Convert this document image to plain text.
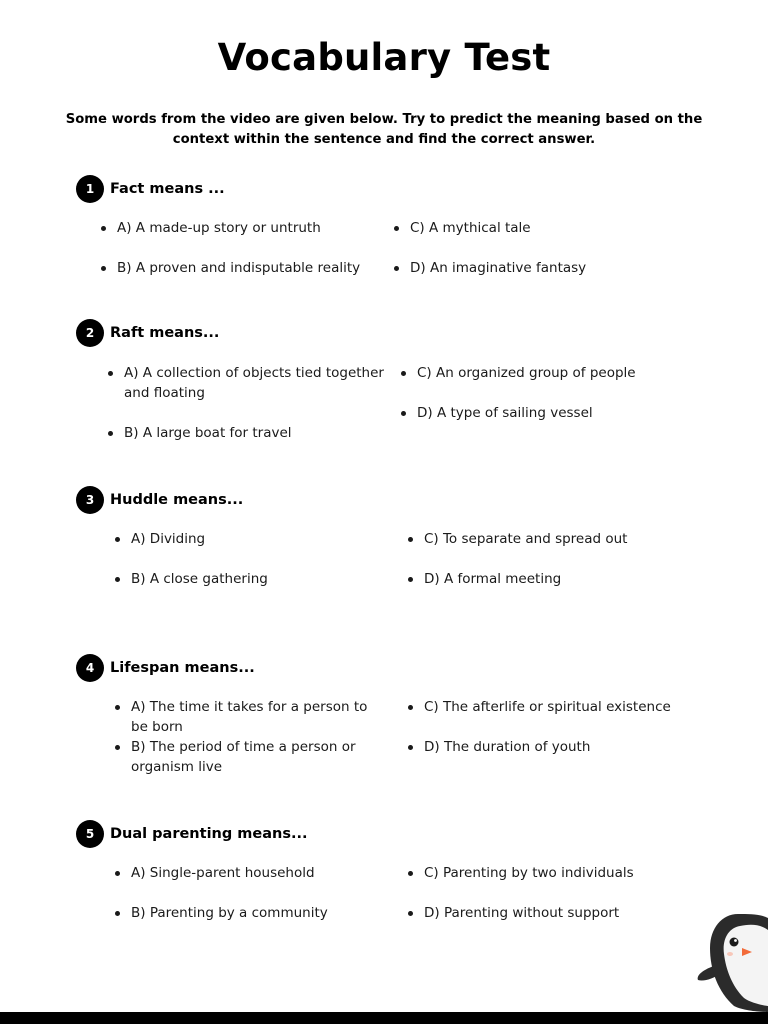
Vocabulary Test
Some words from the video are given below. Try to predict the meaning based on the context within the sentence and find the correct answer.
1	Fact means ...
A) A made-up story or untruth
B) A proven and indisputable reality
C) A mythical tale
D) An imaginative fantasy
2	Raft means...
A) A collection of objects tied together and floating
B) A large boat for travel
C) An organized group of people
D) A type of sailing vessel
3	Huddle means...
A) Dividing
B) A close gathering
C) To separate and spread out
D) A formal meeting
4	Lifespan means...
A) The time it takes for a person to be born
B) The period of time a person or organism live
C) The afterlife or spiritual existence
D) The duration of youth
5	Dual parenting means...
A) Single-parent household
B) Parenting by a community
C) Parenting by two individuals
D) Parenting without support
